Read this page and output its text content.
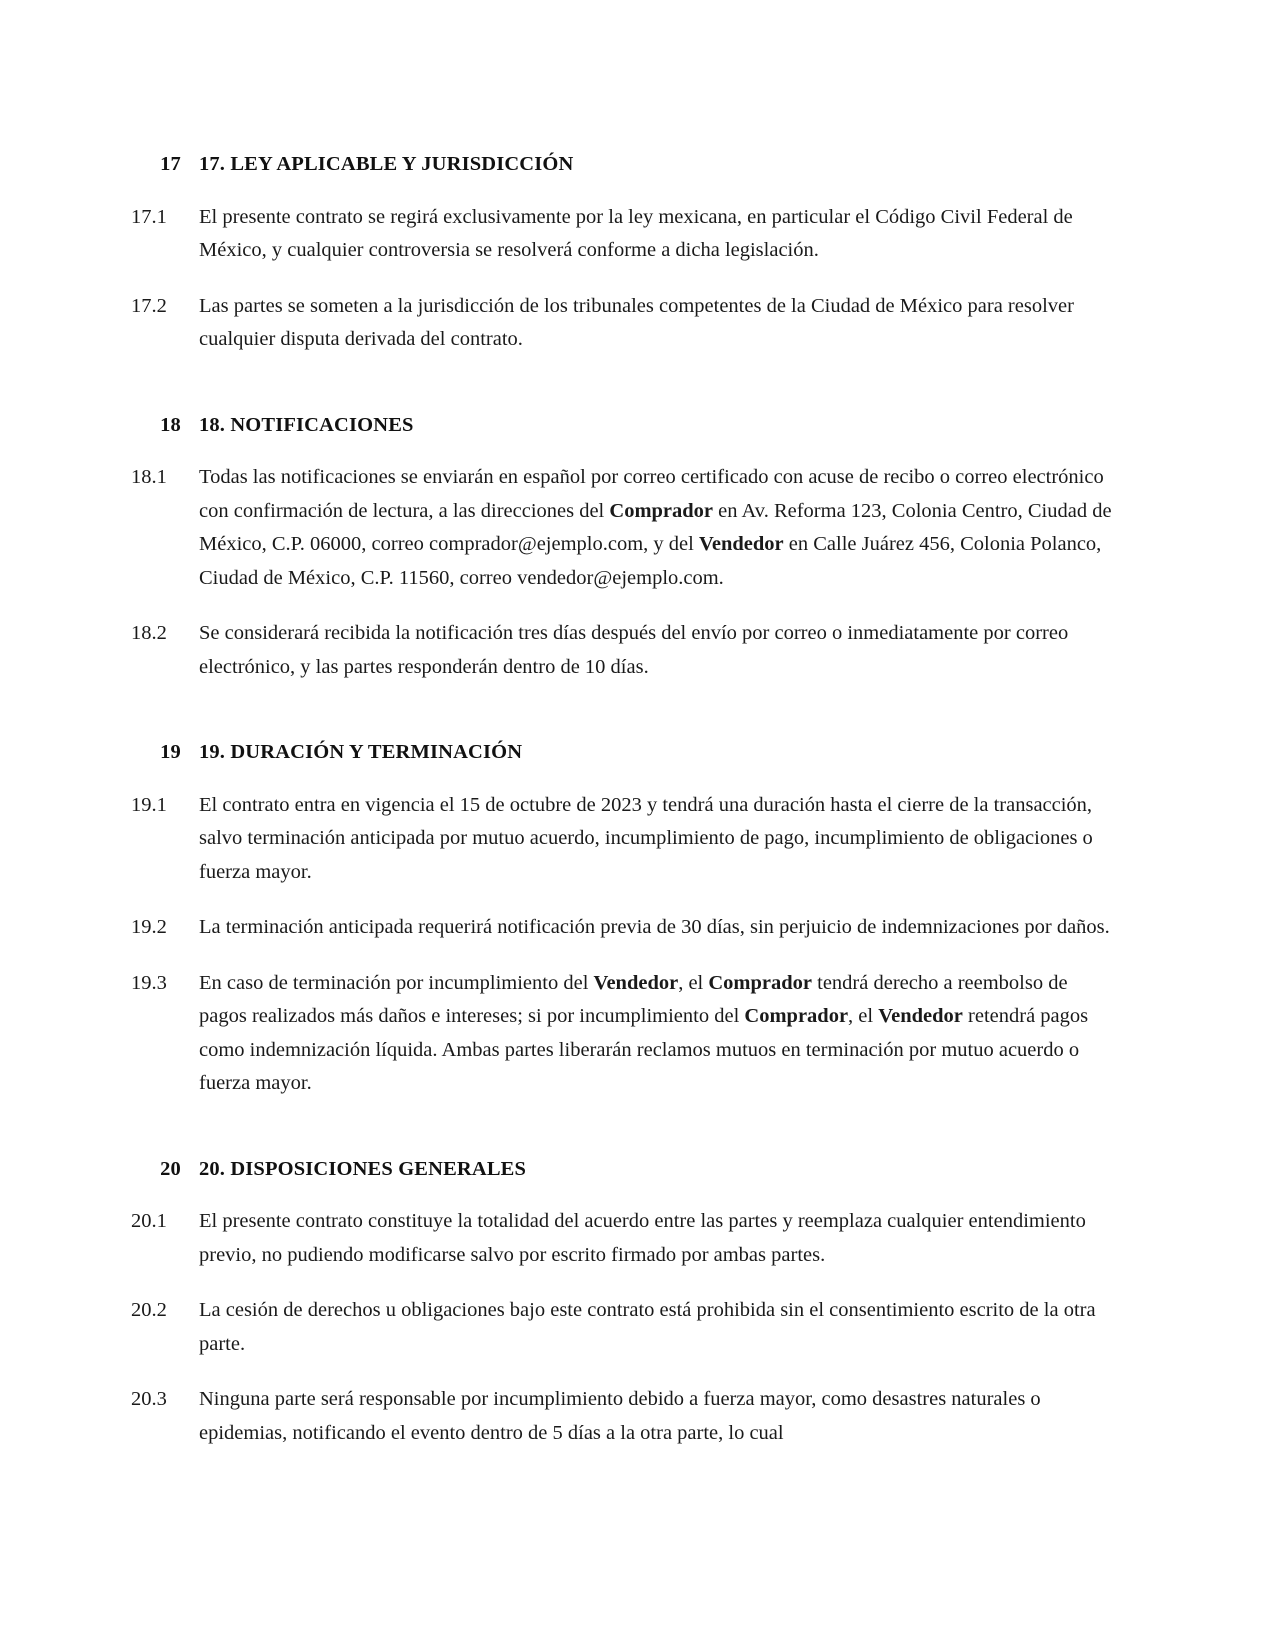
17 17. LEY APLICABLE Y JURISDICCIÓN
17.1	El presente contrato se regirá exclusivamente por la ley mexicana, en particular el Código Civil Federal de México, y cualquier controversia se resolverá conforme a dicha legislación.
17.2	Las partes se someten a la jurisdicción de los tribunales competentes de la Ciudad de México para resolver cualquier disputa derivada del contrato.
18 18. NOTIFICACIONES
18.1	Todas las notificaciones se enviarán en español por correo certificado con acuse de recibo o correo electrónico con confirmación de lectura, a las direcciones del Comprador en Av. Reforma 123, Colonia Centro, Ciudad de México, C.P. 06000, correo comprador@ejemplo.com, y del Vendedor en Calle Juárez 456, Colonia Polanco, Ciudad de México, C.P. 11560, correo vendedor@ejemplo.com.
18.2	Se considerará recibida la notificación tres días después del envío por correo o inmediatamente por correo electrónico, y las partes responderán dentro de 10 días.
19 19. DURACIÓN Y TERMINACIÓN
19.1	El contrato entra en vigencia el 15 de octubre de 2023 y tendrá una duración hasta el cierre de la transacción, salvo terminación anticipada por mutuo acuerdo, incumplimiento de pago, incumplimiento de obligaciones o fuerza mayor.
19.2	La terminación anticipada requerirá notificación previa de 30 días, sin perjuicio de indemnizaciones por daños.
19.3	En caso de terminación por incumplimiento del Vendedor, el Comprador tendrá derecho a reembolso de pagos realizados más daños e intereses; si por incumplimiento del Comprador, el Vendedor retendrá pagos como indemnización líquida. Ambas partes liberarán reclamos mutuos en terminación por mutuo acuerdo o fuerza mayor.
20 20. DISPOSICIONES GENERALES
20.1	El presente contrato constituye la totalidad del acuerdo entre las partes y reemplaza cualquier entendimiento previo, no pudiendo modificarse salvo por escrito firmado por ambas partes.
20.2	La cesión de derechos u obligaciones bajo este contrato está prohibida sin el consentimiento escrito de la otra parte.
20.3	Ninguna parte será responsable por incumplimiento debido a fuerza mayor, como desastres naturales o epidemias, notificando el evento dentro de 5 días a la otra parte, lo cual
